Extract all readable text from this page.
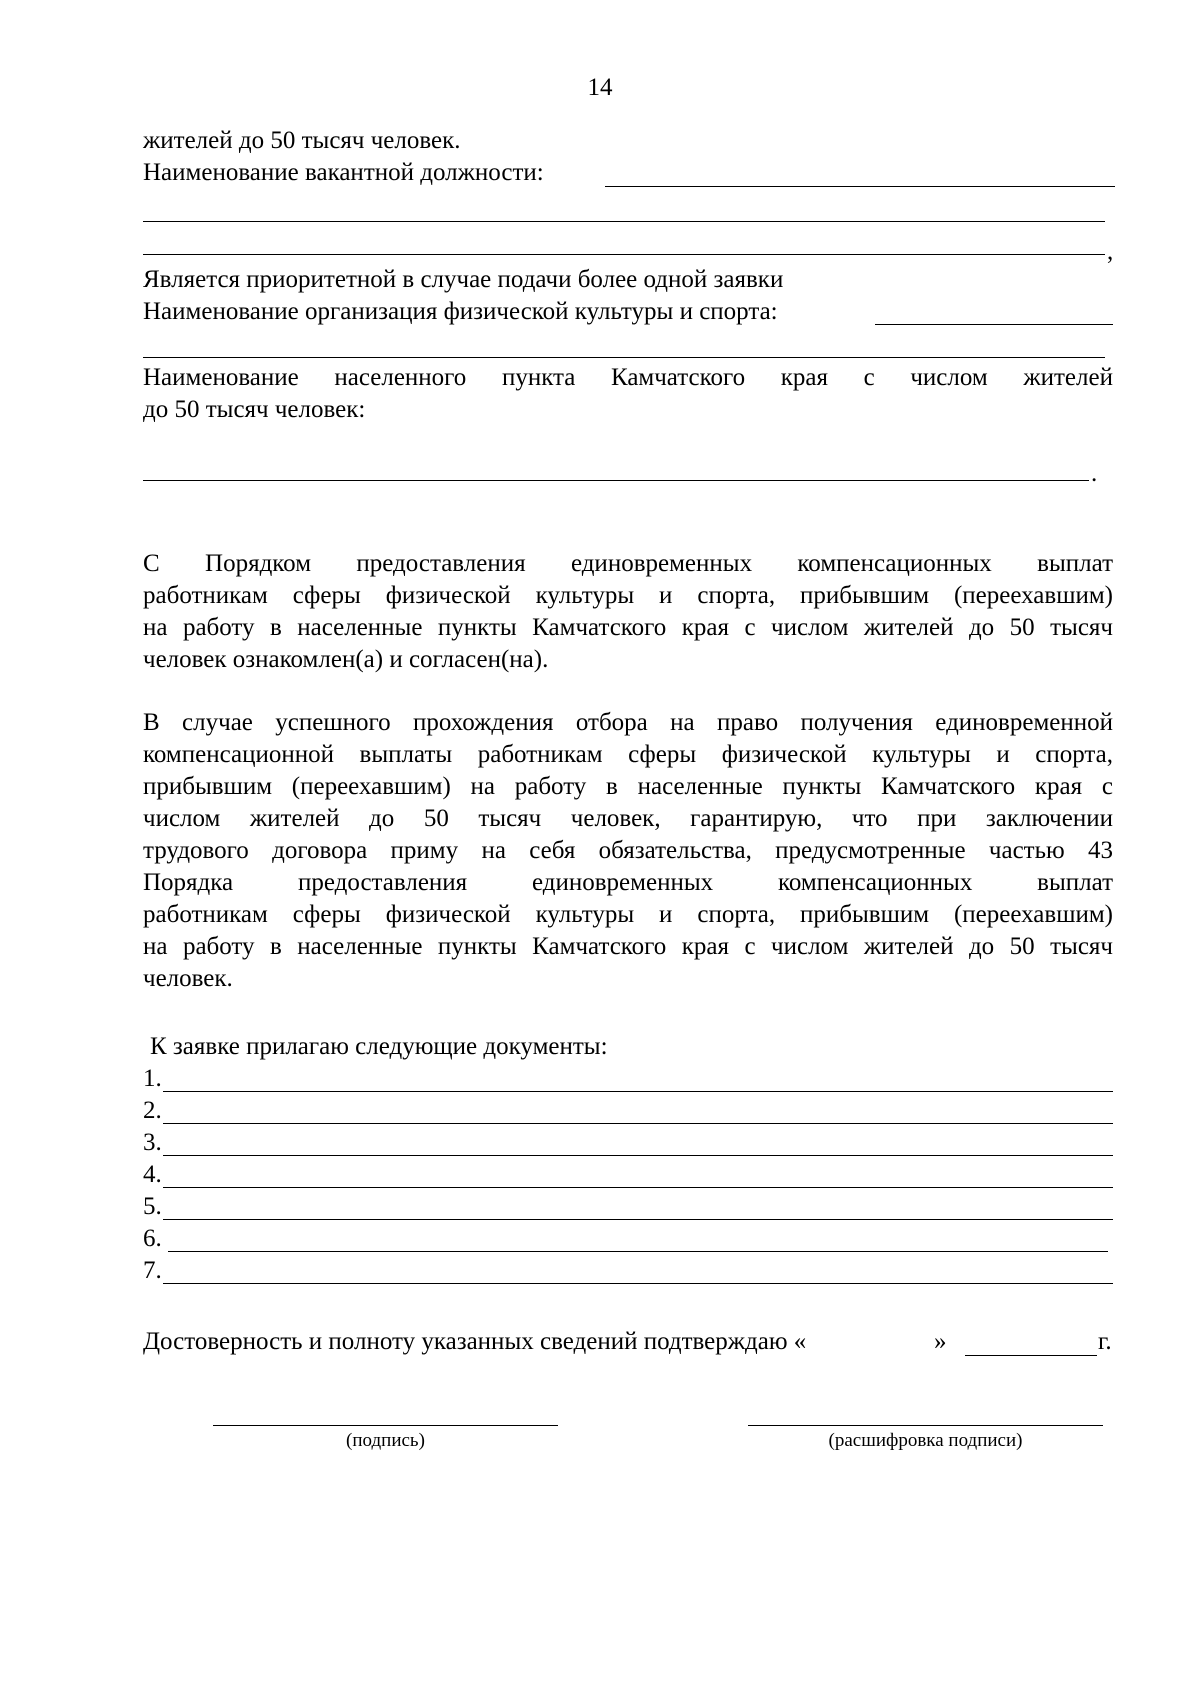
14
жителей до 50 тысяч человек.
Наименование вакантной должности:
,
Является приоритетной в случае подачи более одной заявки
Наименование организация физической культуры и спорта:
Наименование населенного пункта Камчатского края с числом жителей
до 50 тысяч человек:
.
С Порядком предоставления единовременных компенсационных выплат
работникам сферы физической культуры и спорта, прибывшим (переехавшим)
на работу в населенные пункты Камчатского края с числом жителей до 50 тысяч
человек ознакомлен(а) и согласен(на).
В случае успешного прохождения отбора на право получения единовременной
компенсационной выплаты работникам сферы физической культуры и спорта,
прибывшим (переехавшим) на работу в населенные пункты Камчатского края с
числом жителей до 50 тысяч человек, гарантирую, что при заключении
трудового договора приму на себя обязательства, предусмотренные частью 43
Порядка предоставления единовременных компенсационных выплат
работникам сферы физической культуры и спорта, прибывшим (переехавшим)
на работу в населенные пункты Камчатского края с числом жителей до 50 тысяч
человек.
К заявке прилагаю следующие документы:
1.
2.
3.
4.
5.
6.
7.
Достоверность и полноту указанных сведений подтверждаю «	»	г.
(подпись)	(расшифровка подписи)
